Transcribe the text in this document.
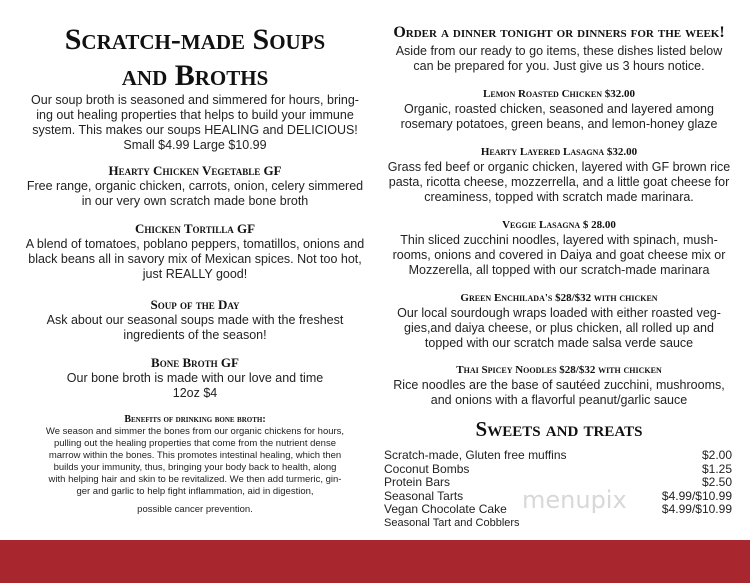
Scratch-made Soups

and Broths

Our soup broth is seasoned and simmered for hours, bring-

ing out healing properties that helps to build your immune

system. This makes our soups HEALING and DELICIOUS!

Small $4.99 Large $10.99

Hearty Chicken Vegetable GF

Free range, organic chicken, carrots, onion, celery simmered

in our very own scratch made bone broth

Chicken Tortilla GF

A blend of tomatoes, poblano peppers, tomatillos, onions and

black beans all in savory mix of Mexican spices. Not too hot,

just REALLY good!

Soup of the Day

Ask about our seasonal soups made with the freshest

ingredients of the season!

Bone Broth GF

Our bone broth is made with our love and time

12oz $4

Benefits of drinking bone broth:

We season and simmer the bones from our organic chickens for hours,

pulling out the healing properties that come from the nutrient dense

marrow within the bones. This promotes intestinal healing, which then

builds your immunity, thus, bringing your body back to health, along

with helping hair and skin to be revitalized. We then add turmeric, gin-

ger and garlic to help fight inflammation, aid in digestion,

possible cancer prevention.

Order a dinner tonight or dinners for the week!

Aside from our ready to go items, these dishes listed below

can be prepared for you. Just give us 3 hours notice.

Lemon Roasted Chicken $32.00

Organic, roasted chicken, seasoned and layered among

rosemary potatoes, green beans, and lemon-honey glaze

Hearty Layered Lasagna $32.00

Grass fed beef or organic chicken, layered with GF brown rice

pasta, ricotta cheese, mozzerrella, and a little goat cheese for

creaminess, topped with scratch made marinara.

Veggie Lasagna $ 28.00

Thin sliced zucchini noodles, layered with spinach, mush-

rooms, onions and covered in Daiya and goat cheese mix or

Mozzerella, all topped with our scratch-made marinara

Green Enchilada's $28/$32 with chicken

Our local sourdough wraps loaded with either roasted veg-

gies,and daiya cheese, or plus chicken, all rolled up and

topped with our scratch made salsa verde sauce

Thai Spicey Noodles $28/$32 with chicken

Rice noodles are the base of sautéed zucchini, mushrooms,

and onions with a flavorful peanut/garlic sauce

Sweets and treats

Scratch-made, Gluten free muffins	$2.00
Coconut Bombs	$1.25
Protein Bars	$2.50
Seasonal Tarts	$4.99/$10.99
Vegan Chocolate Cake	$4.99/$10.99
Seasonal Tart and Cobblers
menupix
